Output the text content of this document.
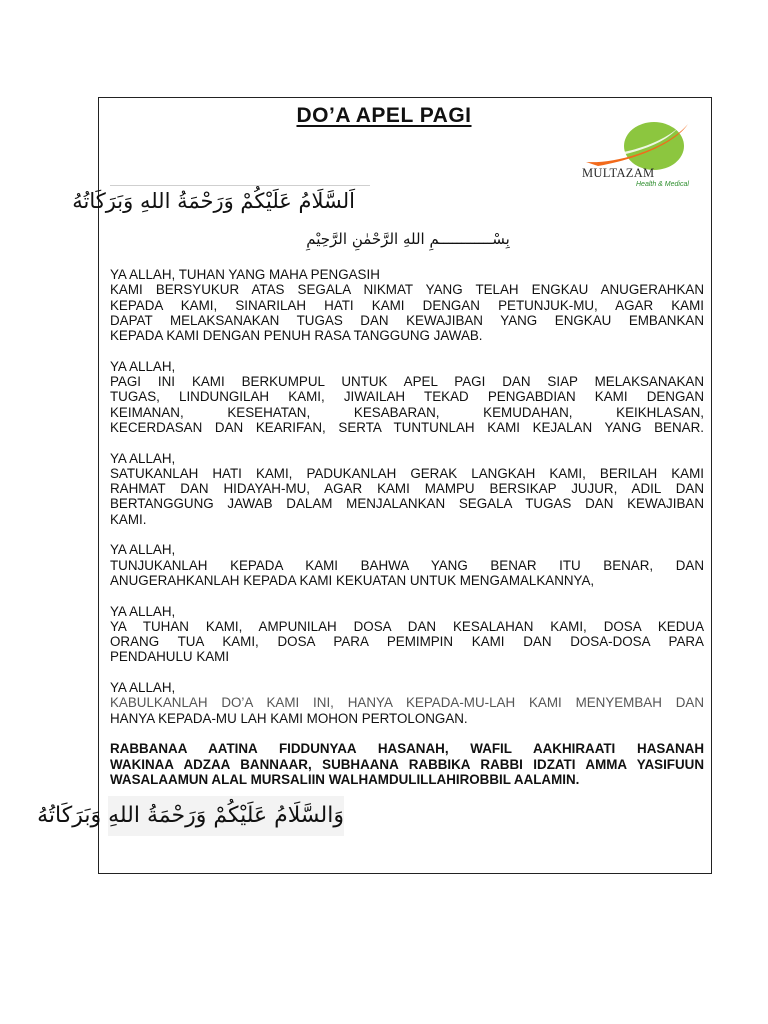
DO’A APEL PAGI
MULTAZAM
Health & Medical
اَلسَّلَامُ عَلَيْكُمْ وَرَحْمَةُ اللهِ وَبَرَكَاتُهُ
بِسْــــــــــــمِ اللهِ الرَّحْمٰنِ الرَّحِيْمِ

YA ALLAH, TUHAN YANG MAHA PENGASIH
KAMI BERSYUKUR ATAS SEGALA NIKMAT YANG TELAH ENGKAU ANUGERAHKAN
KEPADA KAMI, SINARILAH HATI KAMI DENGAN PETUNJUK-MU, AGAR KAMI
DAPAT MELAKSANAKAN TUGAS DAN KEWAJIBAN YANG ENGKAU EMBANKAN
KEPADA KAMI DENGAN PENUH RASA TANGGUNG JAWAB.

YA ALLAH,
PAGI INI KAMI BERKUMPUL UNTUK APEL PAGI DAN SIAP MELAKSANAKAN
TUGAS, LINDUNGILAH KAMI, JIWAILAH TEKAD PENGABDIAN KAMI DENGAN
KEIMANAN, KESEHATAN, KESABARAN, KEMUDAHAN, KEIKHLASAN,
KECERDASAN DAN KEARIFAN, SERTA TUNTUNLAH KAMI KEJALAN YANG BENAR.

YA ALLAH,
SATUKANLAH HATI KAMI, PADUKANLAH GERAK LANGKAH KAMI, BERILAH KAMI
RAHMAT DAN HIDAYAH-MU, AGAR KAMI MAMPU BERSIKAP JUJUR, ADIL DAN
BERTANGGUNG JAWAB DALAM MENJALANKAN SEGALA TUGAS DAN KEWAJIBAN
KAMI.

YA ALLAH,
TUNJUKANLAH KEPADA KAMI BAHWA YANG BENAR ITU BENAR, DAN
ANUGERAHKANLAH KEPADA KAMI KEKUATAN UNTUK MENGAMALKANNYA,

YA ALLAH,
YA TUHAN KAMI, AMPUNILAH DOSA DAN KESALAHAN KAMI, DOSA KEDUA
ORANG TUA KAMI, DOSA PARA PEMIMPIN KAMI DAN DOSA-DOSA PARA
PENDAHULU KAMI

YA ALLAH,
KABULKANLAH DO’A KAMI INI, HANYA KEPADA-MU-LAH KAMI MENYEMBAH DAN
HANYA KEPADA-MU LAH KAMI MOHON PERTOLONGAN.

RABBANAA AATINA FIDDUNYAA HASANAH, WAFIL AAKHIRAATI HASANAH
WAKINAA ADZAA BANNAAR, SUBHAANA RABBIKA RABBI IDZATI AMMA YASIFUUN
WASALAAMUN ALAL MURSALIIN WALHAMDULILLAHIROBBIL AALAMIN.

وَالسَّلَامُ عَلَيْكُمْ وَرَحْمَةُ اللهِ وَبَرَكَاتُهُ
